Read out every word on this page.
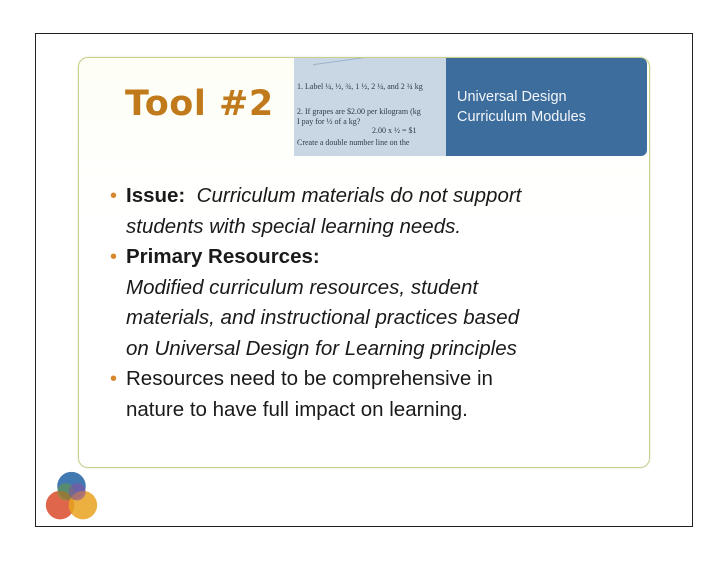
Tool #2	1. Label ¼, ½, ¾, 1 ½, 2 ¼, and 2 ¾ kg
2. If grapes are $2.00 per kilogram (kg
I pay for ½ of a kg?
2.00 x ½ = $1
Create a double number line on the

Universal Design
Curriculum Modules

• Issue: Curriculum materials do not support
students with special learning needs.
• Primary Resources:
Modified curriculum resources, student
materials, and instructional practices based
on Universal Design for Learning principles
• Resources need to be comprehensive in
nature to have full impact on learning.
